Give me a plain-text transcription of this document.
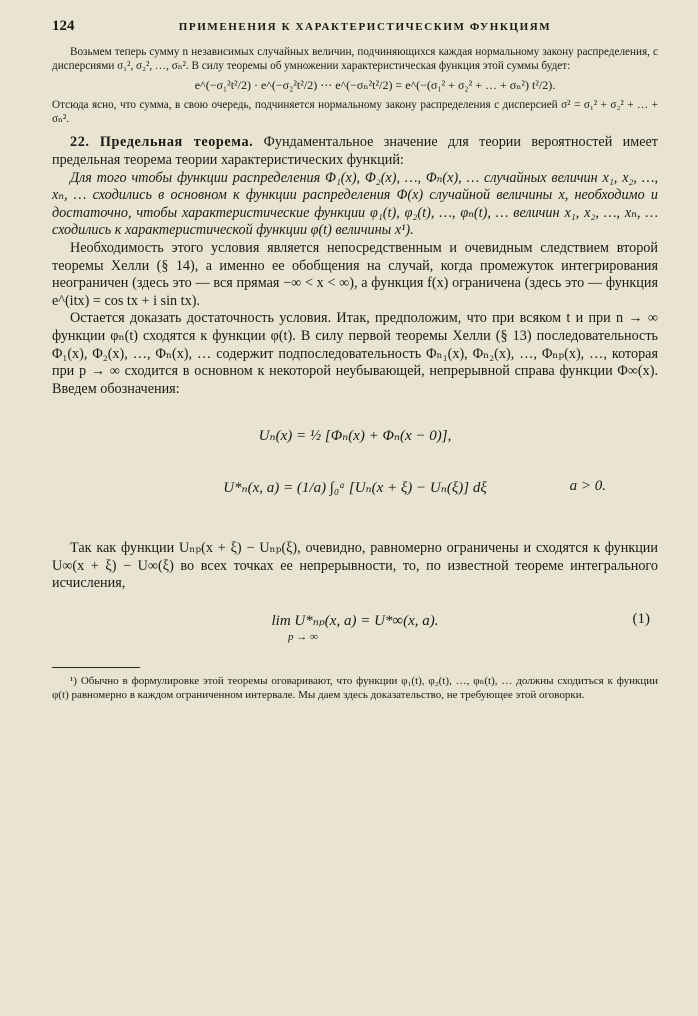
124	ПРИМЕНЕНИЯ К ХАРАКТЕРИСТИЧЕСКИМ ФУНКЦИЯМ

Возьмем теперь сумму n независимых случайных величин, подчиняющихся каждая нормальному закону распределения, с дисперсиями σ₁², σ₂², …, σₙ². В силу теоремы об умножении характеристическая функция этой суммы будет:

e^(−σ₁²t²/2) · e^(−σ₂²t²/2) ⋯ e^(−σₙ²t²/2) = e^(−(σ₁² + σ₂² + … + σₙ²) t²/2).

Отсюда ясно, что сумма, в свою очередь, подчиняется нормальному закону распределения с дисперсией σ² = σ₁² + σ₂² + … + σₙ².

22. Предельная теорема. Фундаментальное значение для теории вероятностей имеет предельная теорема теории характеристических функций:

Для того чтобы функции распределения Φ₁(x), Φ₂(x), …, Φₙ(x), … случайных величин x₁, x₂, …, xₙ, … сходились в основном к функции распределения Φ(x) случайной величины x, необходимо и достаточно, чтобы характеристические функции φ₁(t), φ₂(t), …, φₙ(t), … величин x₁, x₂, …, xₙ, … сходились к характеристической функции φ(t) величины x¹).

Необходимость этого условия является непосредственным и очевидным следствием второй теоремы Хелли (§ 14), а именно ее обобщения на случай, когда промежуток интегрирования неограничен (здесь это — вся прямая −∞ < x < ∞), а функция f(x) ограничена (здесь это — функция e^(itx) = cos tx + i sin tx).

Остается доказать достаточность условия. Итак, предположим, что при всяком t и при n → ∞ функции φₙ(t) сходятся к функции φ(t). В силу первой теоремы Хелли (§ 13) последовательность Φ₁(x), Φ₂(x), …, Φₙ(x), … содержит подпоследовательность Φₙ₁(x), Φₙ₂(x), …, Φₙₚ(x), …, которая при p → ∞ сходится в основном к некоторой неубывающей, непрерывной справа функции Φ∞(x). Введем обозначения:

Uₙ(x) = ½ [Φₙ(x) + Φₙ(x − 0)],
U*ₙ(x, a) = (1/a) ∫₀ᵃ [Uₙ(x + ξ) − Uₙ(ξ)] dξ	a > 0.

Так как функции Uₙₚ(x + ξ) − Uₙₚ(ξ), очевидно, равномерно ограничены и сходятся к функции U∞(x + ξ) − U∞(ξ) во всех точках ее непрерывности, то, по известной теореме интегрального исчисления,

lim U*ₙₚ(x, a) = U*∞(x, a).
p → ∞
(1)

¹) Обычно в формулировке этой теоремы оговаривают, что функции φ₁(t), φ₂(t), …, φₙ(t), … должны сходиться к функции φ(t) равномерно в каждом ограниченном интервале. Мы даем здесь доказательство, не требующее этой оговорки.
